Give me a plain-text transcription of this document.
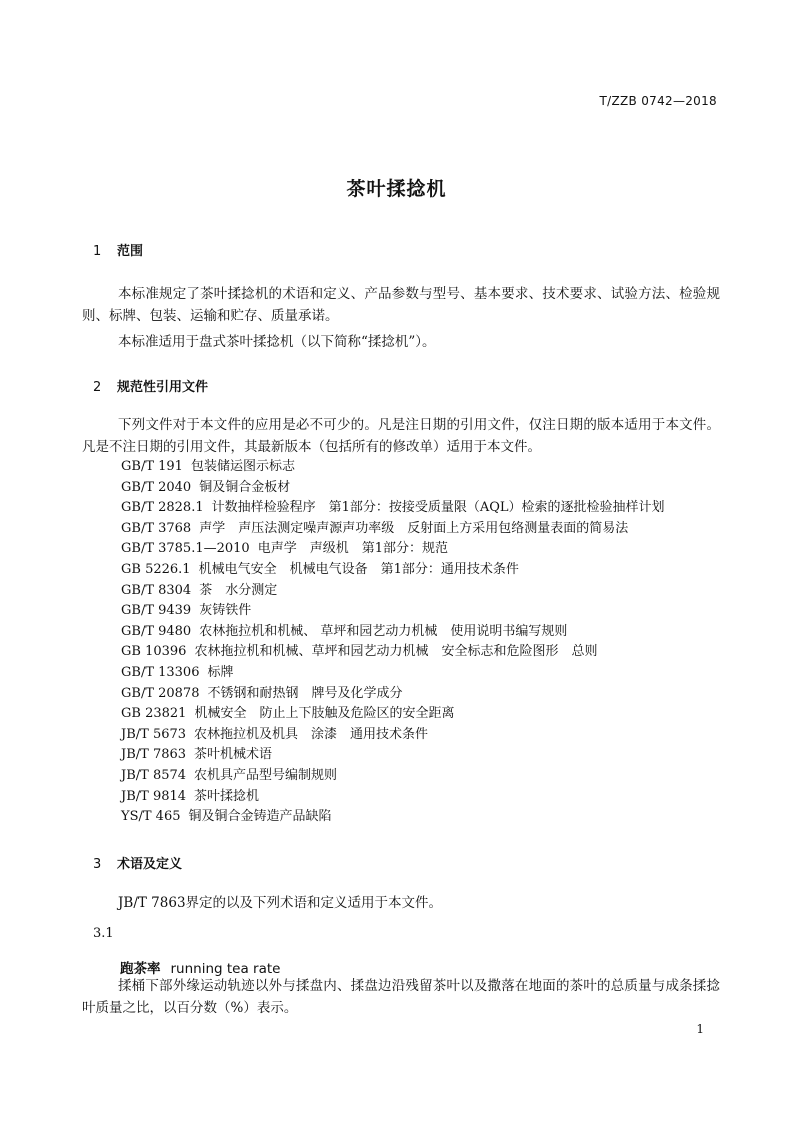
T/ZZB 0742—2018
茶叶揉捻机
1 范围

本标准规定了茶叶揉捻机的术语和定义、产品参数与型号、基本要求、技术要求、试验方法、检验规则、标牌、包装、运输和贮存、质量承诺。

本标准适用于盘式茶叶揉捻机（以下简称“揉捻机”）。

2 规范性引用文件

下列文件对于本文件的应用是必不可少的。凡是注日期的引用文件，仅注日期的版本适用于本文件。凡是不注日期的引用文件，其最新版本（包括所有的修改单）适用于本文件。

GB/T 191 包装储运图示标志
GB/T 2040 铜及铜合金板材
GB/T 2828.1 计数抽样检验程序　第1部分：按接受质量限（AQL）检索的逐批检验抽样计划
GB/T 3768 声学　声压法测定噪声源声功率级　反射面上方采用包络测量表面的简易法
GB/T 3785.1—2010 电声学　声级机　第1部分：规范
GB 5226.1 机械电气安全　机械电气设备　第1部分：通用技术条件
GB/T 8304 茶　水分测定
GB/T 9439 灰铸铁件
GB/T 9480 农林拖拉机和机械、 草坪和园艺动力机械　使用说明书编写规则
GB 10396 农林拖拉机和机械、草坪和园艺动力机械　安全标志和危险图形　总则
GB/T 13306 标牌
GB/T 20878 不锈钢和耐热钢　牌号及化学成分
GB 23821 机械安全　防止上下肢触及危险区的安全距离
JB/T 5673 农林拖拉机及机具　涂漆　通用技术条件
JB/T 7863 茶叶机械术语
JB/T 8574 农机具产品型号编制规则
JB/T 9814 茶叶揉捻机
YS/T 465 铜及铜合金铸造产品缺陷
3 术语及定义

JB/T 7863界定的以及下列术语和定义适用于本文件。

3.1
跑茶率 running tea rate

揉桶下部外缘运动轨迹以外与揉盘内、揉盘边沿残留茶叶以及撒落在地面的茶叶的总质量与成条揉捻叶质量之比，以百分数（%）表示。

1
